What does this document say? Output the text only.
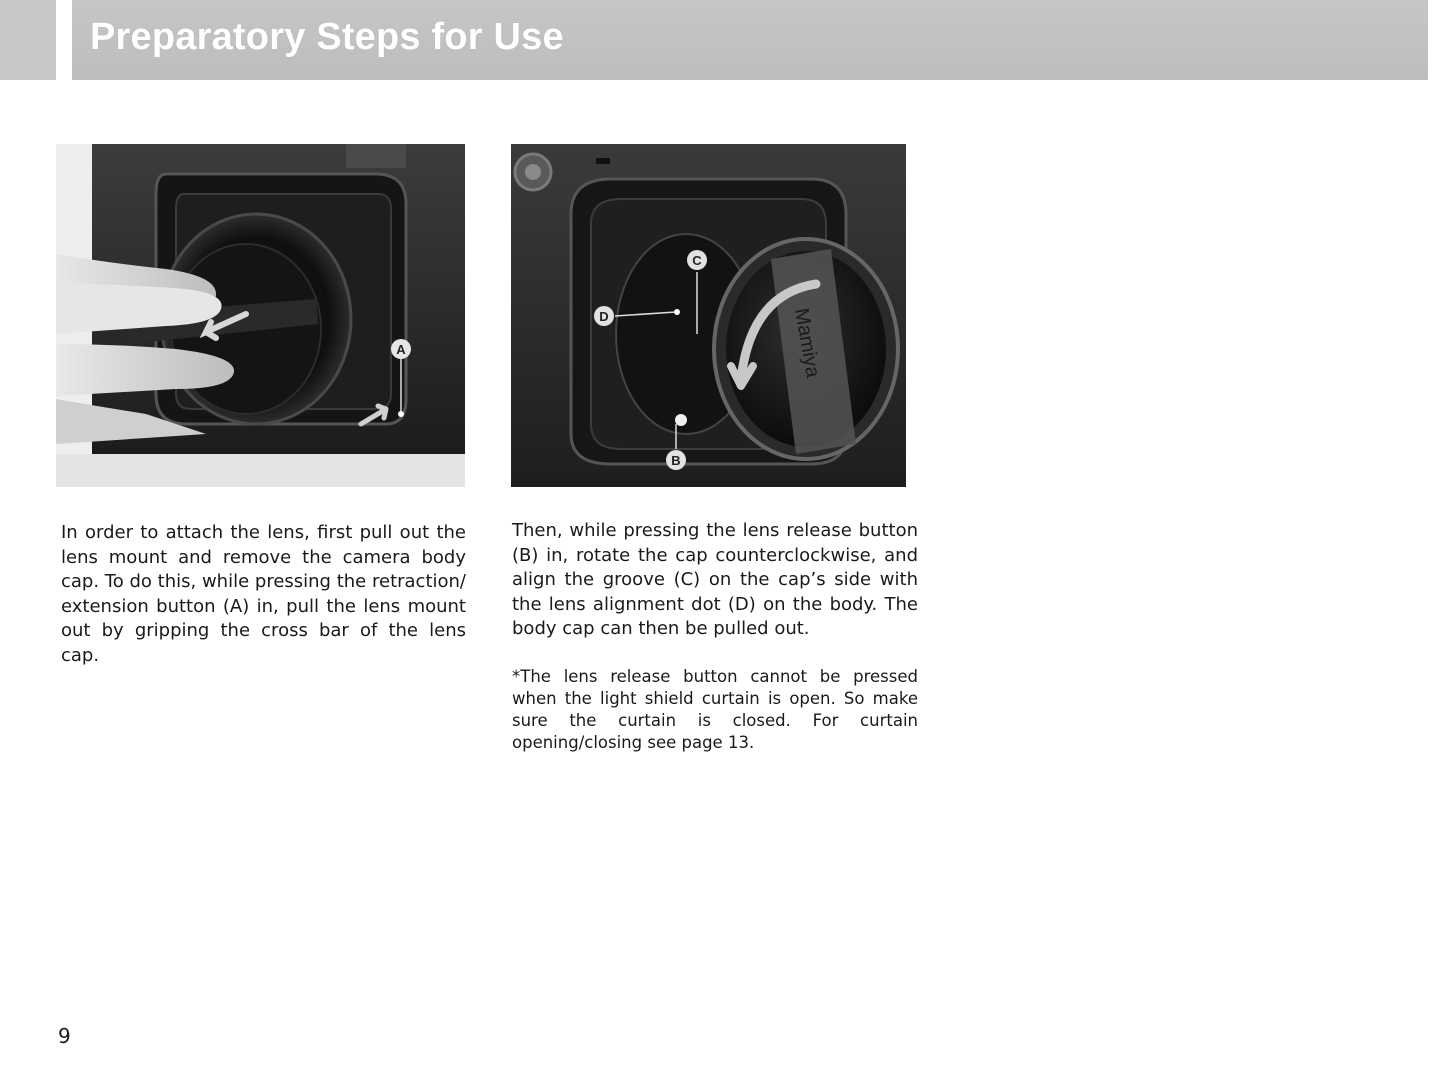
Preparatory Steps for Use
A	Mamiya
C
D
B
In order to attach the lens, first pull out the lens mount and remove the camera body cap. To do this, while pressing the retraction/ extension button (A) in, pull the lens mount out by gripping the cross bar of the lens cap.
Then, while pressing the lens release button (B) in, rotate the cap counterclockwise, and align the groove (C) on the cap’s side with the lens alignment dot (D) on the body. The body cap can then be pulled out.
*The lens release button cannot be pressed when the light shield curtain is open. So make sure the curtain is closed. For curtain opening/closing see page 13.
9
